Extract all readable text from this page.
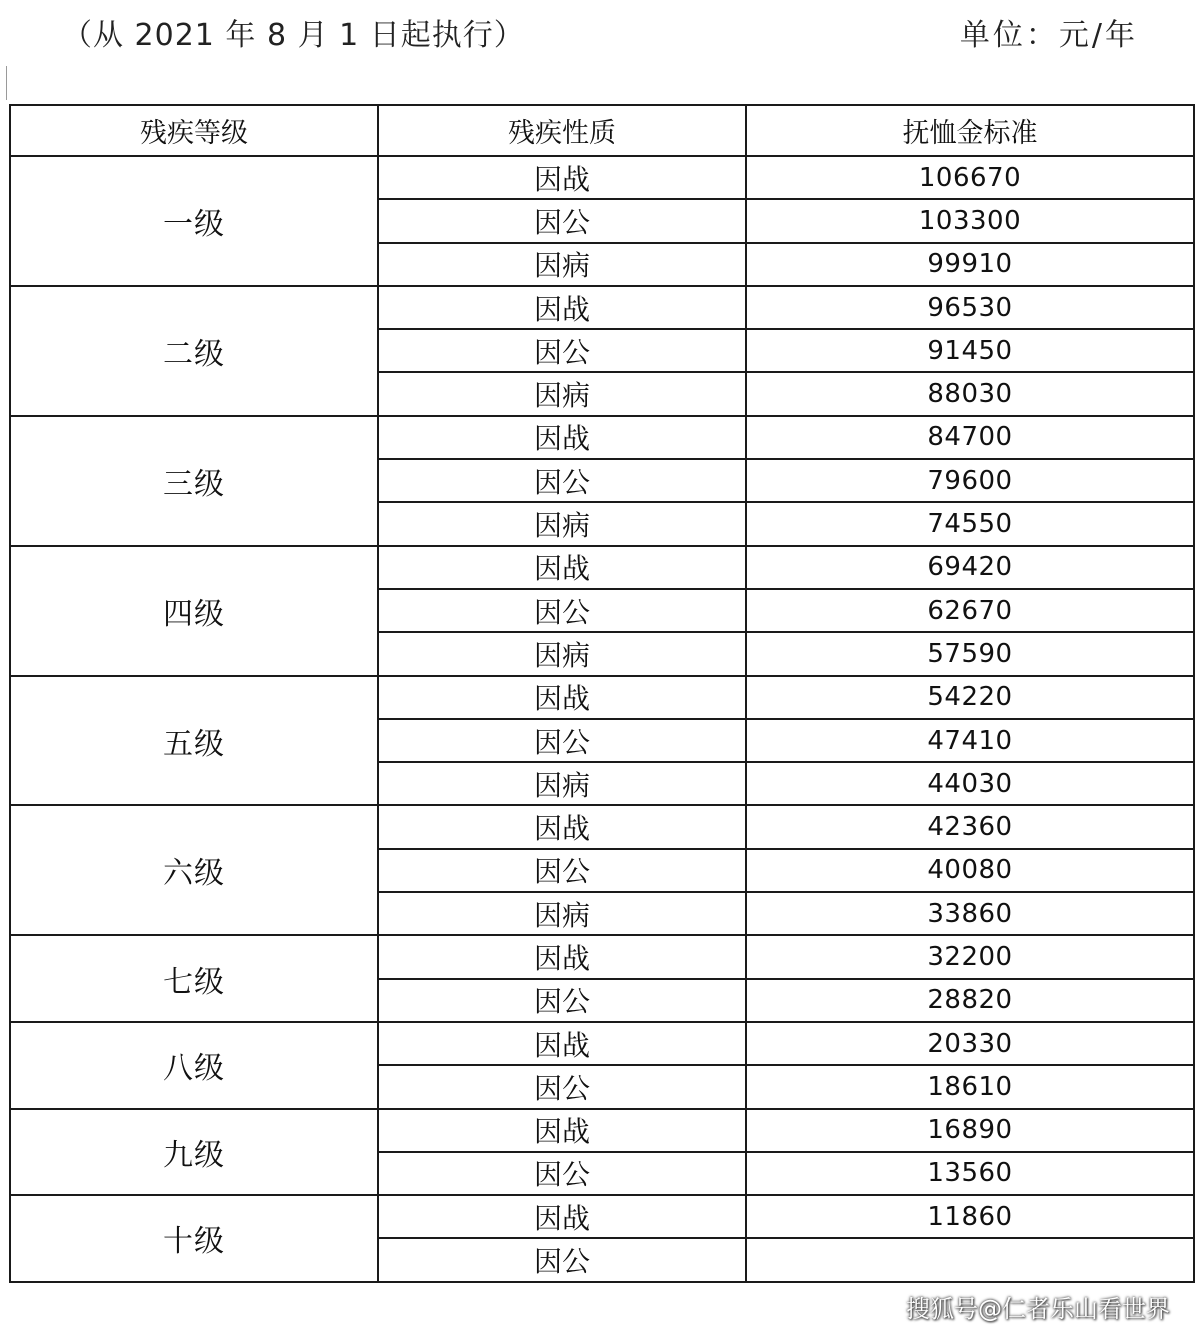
（从 2021 年 8 月 1 日起执行）	单位：元/年
残疾等级	残疾性质	抚恤金标准
一级	因战	106670
	因公	103300
	因病	99910
二级	因战	96530
	因公	91450
	因病	88030
三级	因战	84700
	因公	79600
	因病	74550
四级	因战	69420
	因公	62670
	因病	57590
五级	因战	54220
	因公	47410
	因病	44030
六级	因战	42360
	因公	40080
	因病	33860
七级	因战	32200
	因公	28820
八级	因战	20330
	因公	18610
九级	因战	16890
	因公	13560
十级	因战	11860
	因公	
搜狐号@仁者乐山看世界
